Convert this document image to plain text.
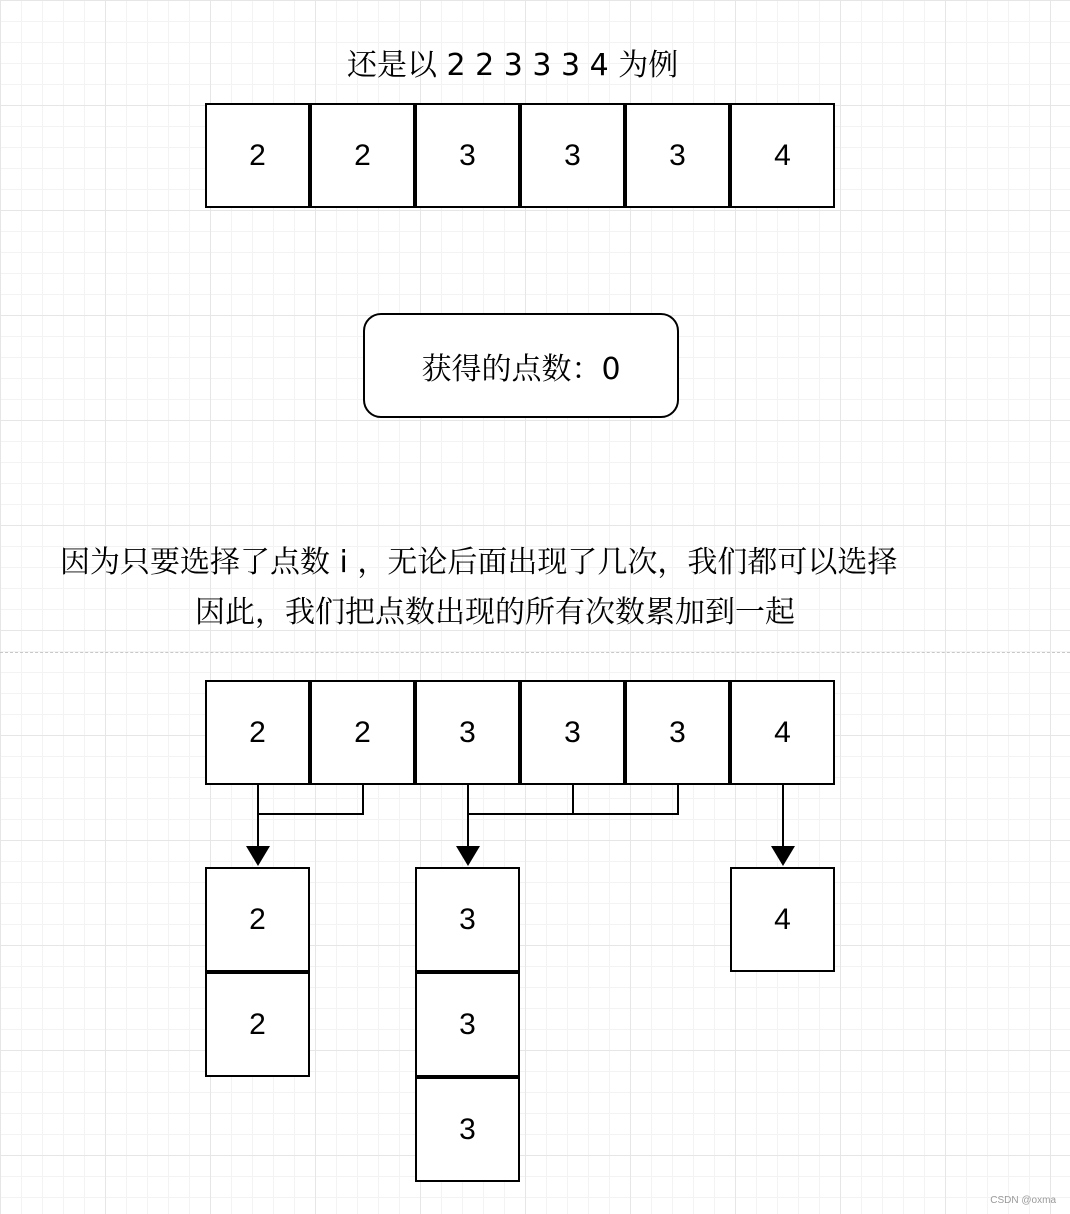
还是以 2 2 3 3 3 4 为例
2	2	3	3	3	4
获得的点数：0
因为只要选择了点数 i ，无论后面出现了几次，我们都可以选择
因此，我们把点数出现的所有次数累加到一起
2	2	3	3	3	4
2
2
3
3
3
4
CSDN @oxma
